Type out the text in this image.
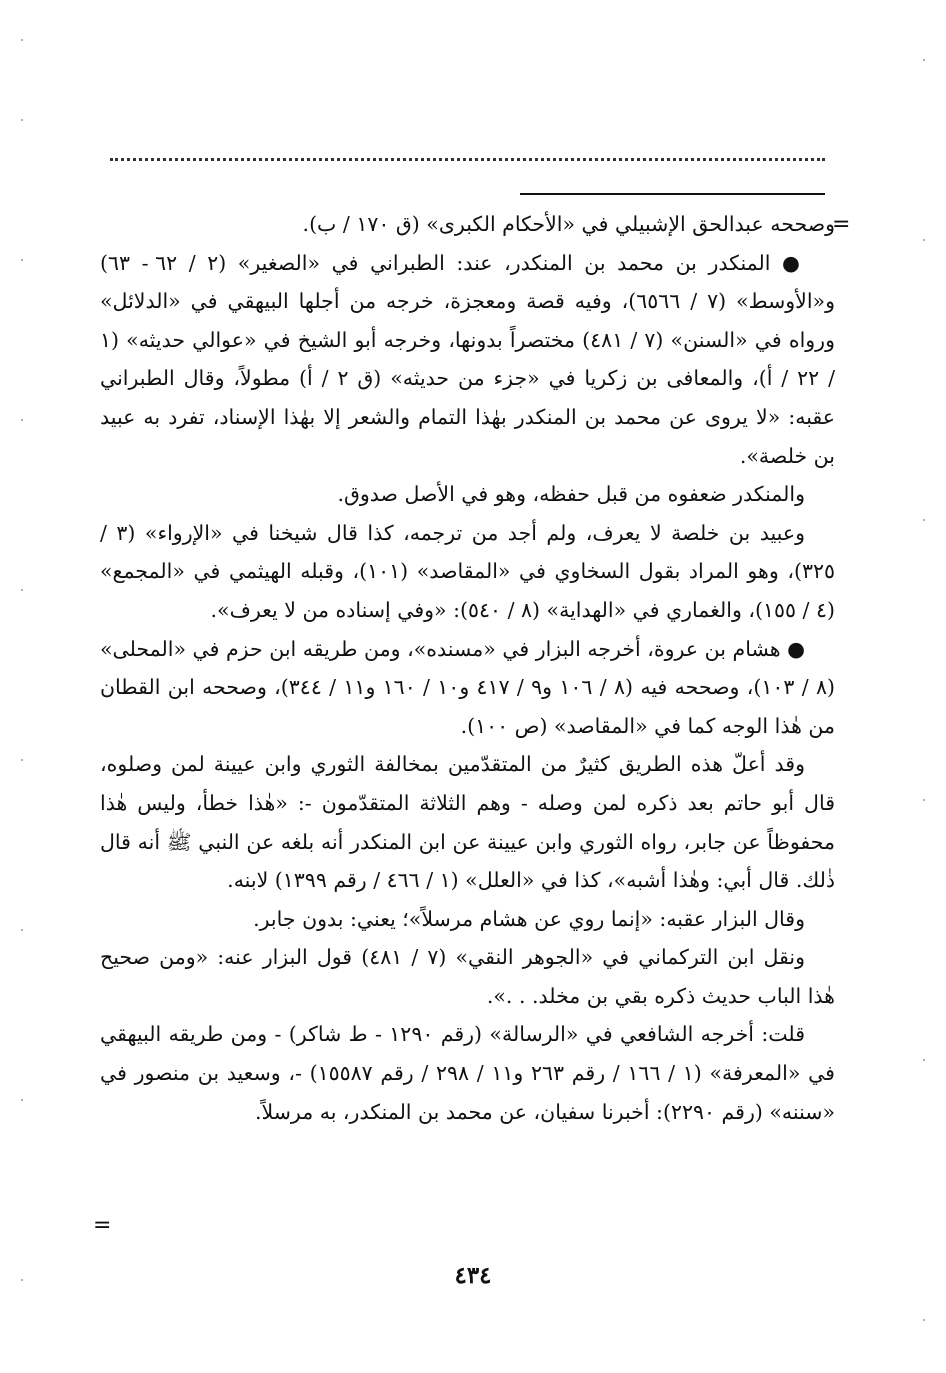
=

وصححه عبدالحق الإشبيلي في «الأحكام الكبرى» (ق ١٧٠ / ب).

● المنكدر بن محمد بن المنكدر، عند: الطبراني في «الصغير» (٢ / ٦٢ - ٦٣) و«الأوسط» (٧ / ٦٥٦٦)، وفيه قصة ومعجزة، خرجه من أجلها البيهقي في «الدلائل» ورواه في «السنن» (٧ / ٤٨١) مختصراً بدونها، وخرجه أبو الشيخ في «عوالي حديثه» (١ / ٢٢ / أ)، والمعافى بن زكريا في «جزء من حديثه» (ق ٢ / أ) مطولاً، وقال الطبراني عقبه: «لا يروى عن محمد بن المنكدر بهٰذا التمام والشعر إلا بهٰذا الإسناد، تفرد به عبيد بن خلصة».

والمنكدر ضعفوه من قبل حفظه، وهو في الأصل صدوق.

وعبيد بن خلصة لا يعرف، ولم أجد من ترجمه، كذا قال شيخنا في «الإرواء» (٣ / ٣٢٥)، وهو المراد بقول السخاوي في «المقاصد» (١٠١)، وقبله الهيثمي في «المجمع» (٤ / ١٥٥)، والغماري في «الهداية» (٨ / ٥٤٠): «وفي إسناده من لا يعرف».

● هشام بن عروة، أخرجه البزار في «مسنده»، ومن طريقه ابن حزم في «المحلى» (٨ / ١٠٣)، وصححه فيه (٨ / ١٠٦ و٩ / ٤١٧ و١٠ / ١٦٠ و١١ / ٣٤٤)، وصححه ابن القطان من هٰذا الوجه كما في «المقاصد» (ص ١٠٠).

وقد أعلّ هذه الطريق كثيرٌ من المتقدّمين بمخالفة الثوري وابن عيينة لمن وصلوه، قال أبو حاتم بعد ذكره لمن وصله - وهم الثلاثة المتقدّمون -: «هٰذا خطأ، وليس هٰذا محفوظاً عن جابر، رواه الثوري وابن عيينة عن ابن المنكدر أنه بلغه عن النبي ﷺ أنه قال ذٰلك. قال أبي: وهٰذا أشبه»، كذا في «العلل» (١ / ٤٦٦ / رقم ١٣٩٩) لابنه.

وقال البزار عقبه: «إنما روي عن هشام مرسلاً»؛ يعني: بدون جابر.

ونقل ابن التركماني في «الجوهر النقي» (٧ / ٤٨١) قول البزار عنه: «ومن صحيح هٰذا الباب حديث ذكره بقي بن مخلد. . .».

قلت: أخرجه الشافعي في «الرسالة» (رقم ١٢٩٠ - ط شاكر) - ومن طريقه البيهقي في «المعرفة» (١ / ١٦٦ / رقم ٢٦٣ و١١ / ٢٩٨ / رقم ١٥٥٨٧) -، وسعيد بن منصور في «سننه» (رقم ٢٢٩٠): أخبرنا سفيان، عن محمد بن المنكدر، به مرسلاً.

=
٤٣٤
